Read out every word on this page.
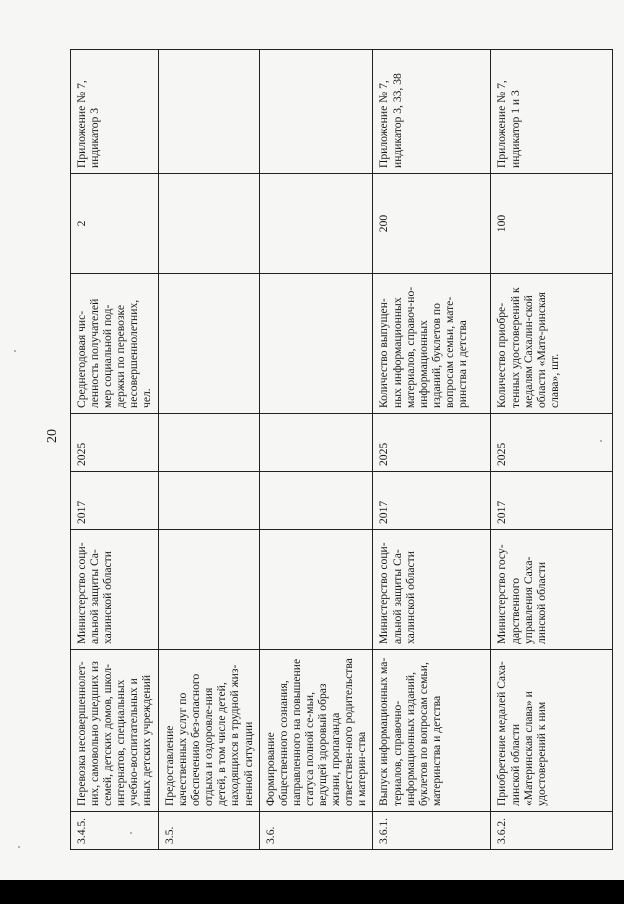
20
3.4.5.	Перевозка несовершеннолет-них, самовольно ушедших из семей, детских домов, школ-интернатов, специальных учебно-воспитательных и иных детских учреждений	Министерство соци-альной защиты Са-халинской области	2017	2025	Среднегодовая чис-ленность получателей мер социальной под-держки по перевозке несовершеннолетних, чел.	2	Приложение № 7, индикатор 3
3.5.	Предоставление качественных услуг по обеспечению без-опасного отдыха и оздоровле-ния детей, в том числе детей, находящихся в трудной жиз-ненной ситуации						
3.6.	Формирование общественного сознания, направленного на повышение статуса полной се-мьи, ведущей здоровый образ жизни, пропаганда ответствен-ного родительства и материн-ства						
3.6.1.	Выпуск информационных ма-териалов, справочно-информационных изданий, буклетов по вопросам семьи, материнства и детства	Министерство соци-альной защиты Са-халинской области	2017	2025	Количество выпущен-ных информационных материалов, справоч-но-информационных изданий, буклетов по вопросам семьи, мате-ринства и детства	200	Приложение № 7, индикатор 3, 33, 38
3.6.2.	Приобретение медалей Саха-линской области «Материнская слава» и удостоверений к ним	Министерство госу-дарственного управления Саха-линской области	2017	2025	Количество приобре-тенных удостоверений к медалям Сахалин-ской области «Мате-ринская слава», шт.	100	Приложение № 7, индикатор 1 и 3
